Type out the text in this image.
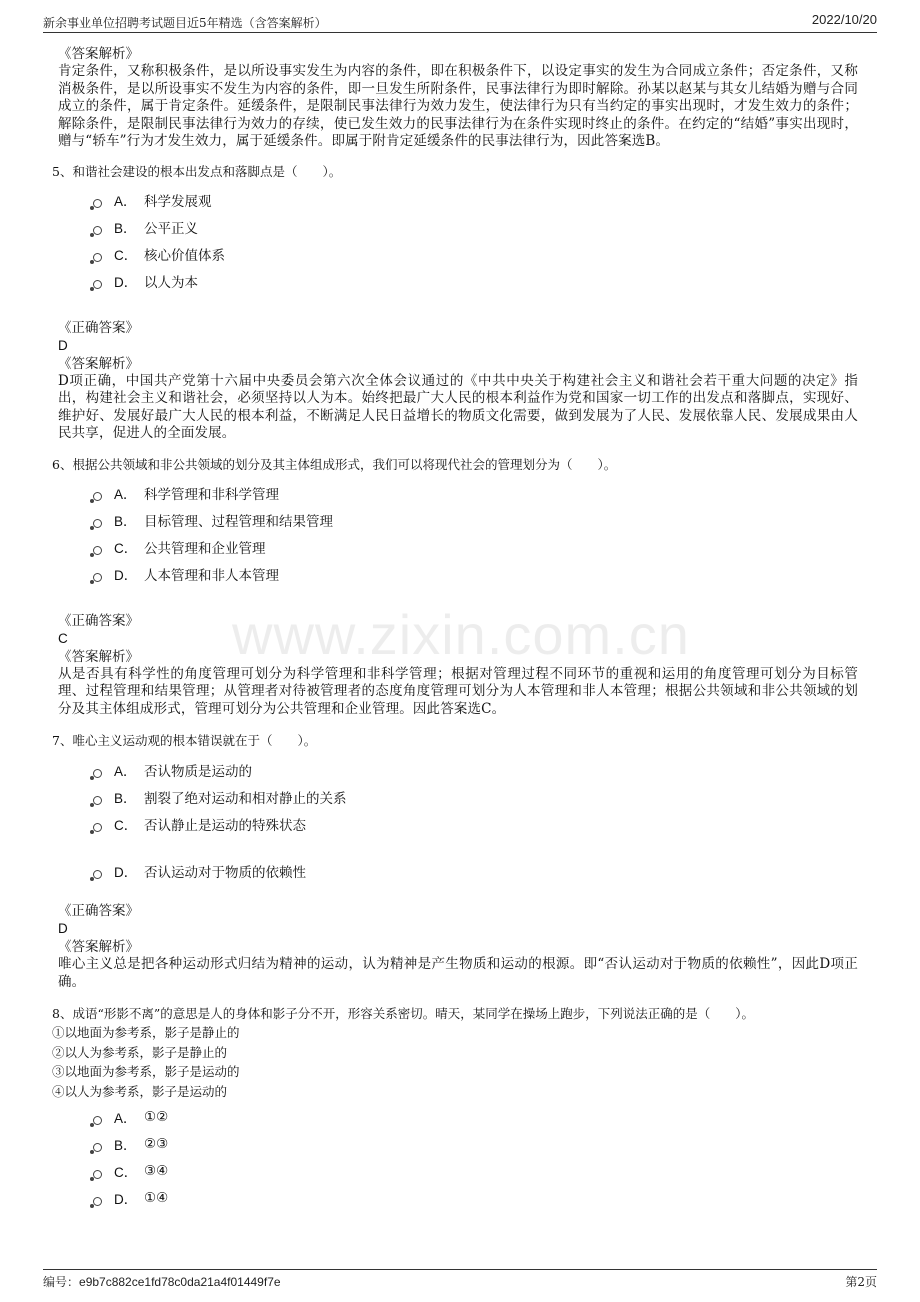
新余事业单位招聘考试题目近5年精选（含答案解析）	2022/10/20
www.zixin.com.cn

《答案解析》

肯定条件，又称积极条件，是以所设事实发生为内容的条件，即在积极条件下，以设定事实的发生为合同成立条件；否定条件，又称消极条件，是以所设事实不发生为内容的条件，即一旦发生所附条件，民事法律行为即时解除。孙某以赵某与其女儿结婚为赠与合同成立的条件，属于肯定条件。延缓条件，是限制民事法律行为效力发生，使法律行为只有当约定的事实出现时，才发生效力的条件；解除条件，是限制民事法律行为效力的存续，使已发生效力的民事法律行为在条件实现时终止的条件。在约定的“结婚”事实出现时，赠与“轿车”行为才发生效力，属于延缓条件。即属于附肯定延缓条件的民事法律行为，因此答案选B。

5、和谐社会建设的根本出发点和落脚点是（　　）。

A． 科学发展观
B． 公平正义
C． 核心价值体系
D． 以人为本

《正确答案》

D

《答案解析》

D项正确，中国共产党第十六届中央委员会第六次全体会议通过的《中共中央关于构建社会主义和谐社会若干重大问题的决定》指出，构建社会主义和谐社会，必须坚持以人为本。始终把最广大人民的根本利益作为党和国家一切工作的出发点和落脚点，实现好、维护好、发展好最广大人民的根本利益，不断满足人民日益增长的物质文化需要，做到发展为了人民、发展依靠人民、发展成果由人民共享，促进人的全面发展。

6、根据公共领域和非公共领域的划分及其主体组成形式，我们可以将现代社会的管理划分为（　　）。

A． 科学管理和非科学管理
B． 目标管理、过程管理和结果管理
C． 公共管理和企业管理
D． 人本管理和非人本管理

《正确答案》

C

《答案解析》

从是否具有科学性的角度管理可划分为科学管理和非科学管理；根据对管理过程不同环节的重视和运用的角度管理可划分为目标管理、过程管理和结果管理；从管理者对待被管理者的态度角度管理可划分为人本管理和非人本管理；根据公共领域和非公共领域的划分及其主体组成形式，管理可划分为公共管理和企业管理。因此答案选C。

7、唯心主义运动观的根本错误就在于（　　）。

A． 否认物质是运动的
B． 割裂了绝对运动和相对静止的关系
C． 否认静止是运动的特殊状态
D． 否认运动对于物质的依赖性

《正确答案》

D

《答案解析》

唯心主义总是把各种运动形式归结为精神的运动，认为精神是产生物质和运动的根源。即“否认运动对于物质的依赖性”，因此D项正确。

8、成语“形影不离”的意思是人的身体和影子分不开，形容关系密切。晴天，某同学在操场上跑步，下列说法正确的是（　　）。

①以地面为参考系，影子是静止的

②以人为参考系，影子是静止的

③以地面为参考系，影子是运动的

④以人为参考系，影子是运动的

A． ①②
B． ②③
C． ③④
D． ①④
编号：e9b7c882ce1fd78c0da21a4f01449f7e	第2页
